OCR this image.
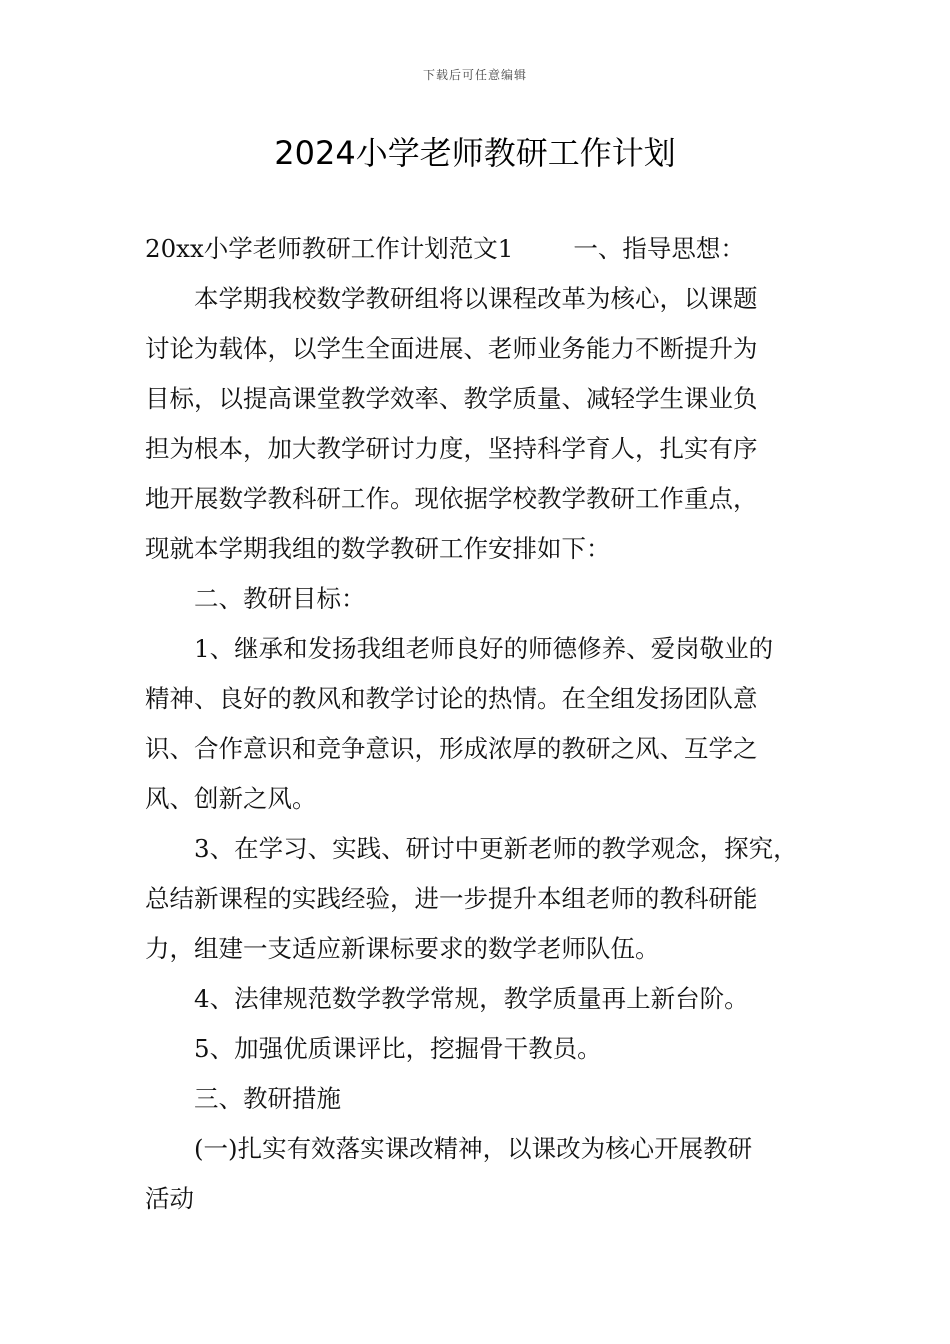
下载后可任意编辑
2024小学老师教研工作计划
20xx小学老师教研工作计划范文1 一、指导思想：
本学期我校数学教研组将以课程改革为核心，以课题
讨论为载体，以学生全面进展、老师业务能力不断提升为
目标，以提高课堂教学效率、教学质量、减轻学生课业负
担为根本，加大教学研讨力度，坚持科学育人，扎实有序
地开展数学教科研工作。现依据学校教学教研工作重点，
现就本学期我组的数学教研工作安排如下：
二、教研目标：
1、继承和发扬我组老师良好的师德修养、爱岗敬业的
精神、良好的教风和教学讨论的热情。在全组发扬团队意
识、合作意识和竞争意识，形成浓厚的教研之风、互学之
风、创新之风。
3、在学习、实践、研讨中更新老师的教学观念，探究，
总结新课程的实践经验，进一步提升本组老师的教科研能
力，组建一支适应新课标要求的数学老师队伍。
4、法律规范数学教学常规，教学质量再上新台阶。
5、加强优质课评比，挖掘骨干教员。
三、教研措施
(一)扎实有效落实课改精神，以课改为核心开展教研
活动
